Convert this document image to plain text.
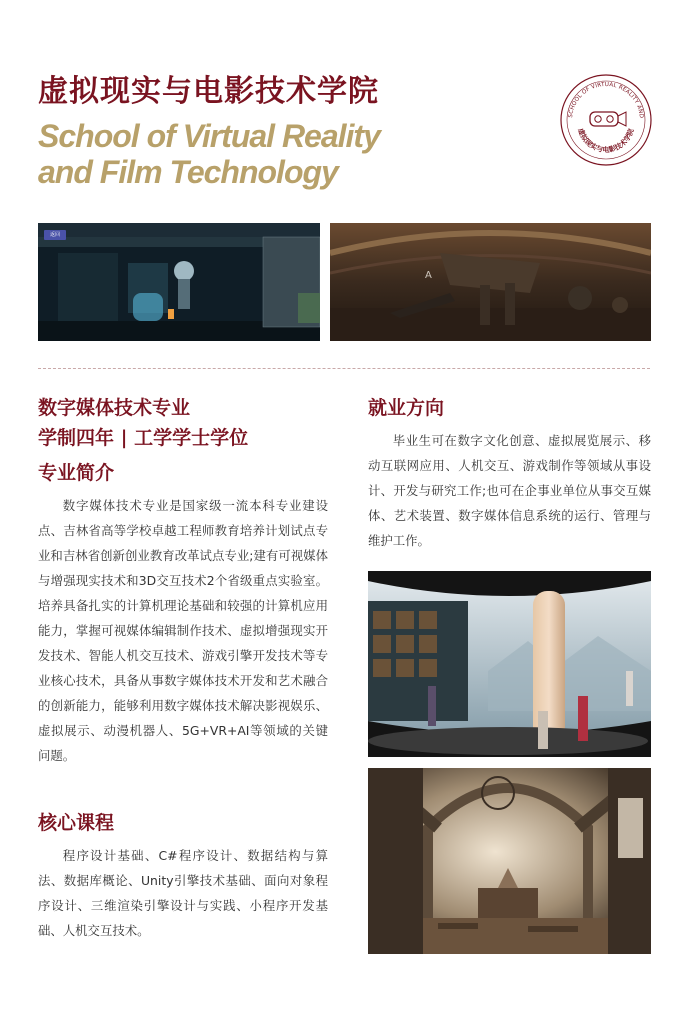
虚拟现实与电影技术学院
School of Virtual Reality
and Film Technology
SCHOOL OF VIRTUAL REALITY AND
虚拟现实与电影技术学院
返回
A
数字媒体技术专业
学制四年 | 工学学士学位
专业简介
数字媒体技术专业是国家级一流本科专业建设点、吉林省高等学校卓越工程师教育培养计划试点专业和吉林省创新创业教育改革试点专业;建有可视媒体与增强现实技术和3D交互技术2个省级重点实验室。培养具备扎实的计算机理论基础和较强的计算机应用能力，掌握可视媒体编辑制作技术、虚拟增强现实开发技术、智能人机交互技术、游戏引擎开发技术等专业核心技术，具备从事数字媒体技术开发和艺术融合的创新能力，能够利用数字媒体技术解决影视娱乐、虚拟展示、动漫机器人、5G+VR+AI等领域的关键问题。
核心课程
程序设计基础、C#程序设计、数据结构与算法、数据库概论、Unity引擎技术基础、面向对象程序设计、三维渲染引擎设计与实践、小程序开发基础、人机交互技术。
就业方向
毕业生可在数字文化创意、虚拟展览展示、移动互联网应用、人机交互、游戏制作等领域从事设计、开发与研究工作;也可在企事业单位从事交互媒体、艺术装置、数字媒体信息系统的运行、管理与维护工作。
